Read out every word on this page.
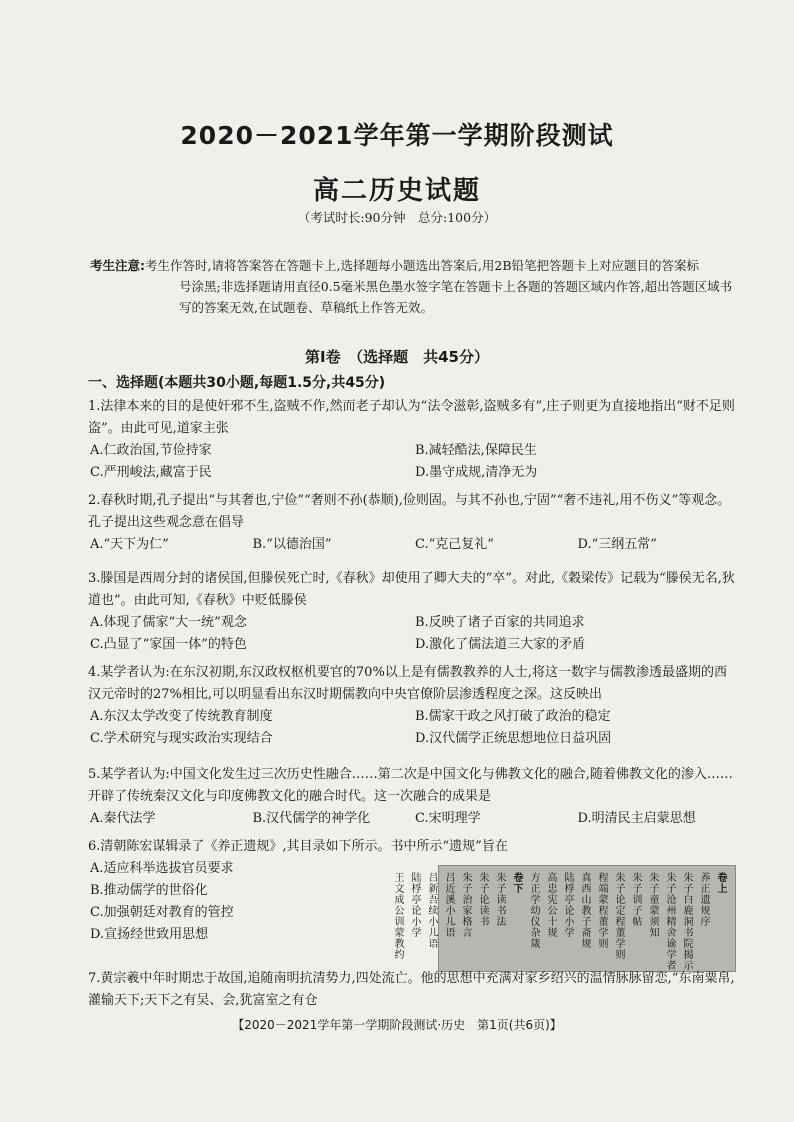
2020－2021学年第一学期阶段测试
高二历史试题
（考试时长:90分钟　总分:100分）
考生注意:考生作答时,请将答案答在答题卡上,选择题每小题选出答案后,用2B铅笔把答题卡上对应题目的答案标
号涂黑;非选择题请用直径0.5毫米黑色墨水签字笔在答题卡上各题的答题区域内作答,超出答题区域书
写的答案无效,在试题卷、草稿纸上作答无效。
第Ⅰ卷　（选择题　共45分）
一、选择题(本题共30小题,每题1.5分,共45分)
1.法律本来的目的是使奸邪不生,盗贼不作,然而老子却认为“法令滋彰,盗贼多有”,庄子则更为直接地指出“财不足则盗”。由此可见,道家主张
A.仁政治国,节俭持家	B.减轻酷法,保障民生
C.严刑峻法,藏富于民	D.墨守成规,清净无为
2.春秋时期,孔子提出“与其奢也,宁俭”“奢则不孙(恭顺),俭则固。与其不孙也,宁固”“奢不违礼,用不伤义”等观念。孔子提出这些观念意在倡导
A.“天下为仁”	B.“以德治国”	C.“克己复礼”	D.“三纲五常”
3.滕国是西周分封的诸侯国,但滕侯死亡时,《春秋》却使用了卿大夫的“卒”。对此,《穀梁传》记载为“滕侯无名,狄道也”。由此可知,《春秋》中贬低滕侯
A.体现了儒家“大一统”观念	B.反映了诸子百家的共同追求
C.凸显了“家国一体”的特色	D.激化了儒法道三大家的矛盾
4.某学者认为:在东汉初期,东汉政权枢机要官的70%以上是有儒教教养的人士,将这一数字与儒教渗透最盛期的西汉元帝时的27%相比,可以明显看出东汉时期儒教向中央官僚阶层渗透程度之深。这反映出
A.东汉太学改变了传统教育制度	B.儒家干政之风打破了政治的稳定
C.学术研究与现实政治实现结合	D.汉代儒学正统思想地位日益巩固
5.某学者认为:中国文化发生过三次历史性融合……第二次是中国文化与佛教文化的融合,随着佛教文化的渗入……开辟了传统秦汉文化与印度佛教文化的融合时代。这一次融合的成果是
A.秦代法学	B.汉代儒学的神学化	C.宋明理学	D.明清民主启蒙思想
6.清朝陈宏谋辑录了《养正遗规》,其目录如下所示。书中所示“遗规”旨在
A.适应科举选拔官员要求
B.推动儒学的世俗化
C.加强朝廷对教育的管控
D.宣扬经世致用思想
卷上
养正遗规序
朱子白鹿洞书院揭示
朱子沧州精舍谕学者
朱子童蒙须知
朱子训子帖
朱子论定程董学则
程端蒙程董学则
真西山教子斋规
陆桴亭论小学
高忠宪公十规
方正学幼仪杂箴
卷下
朱子读书法
朱子论读书
朱子治家格言
吕近溪小儿语
吕新吾续小儿语
陆桴亭论小学
王文成公训蒙教约
7.黄宗羲中年时期忠于故国,追随南明抗清势力,四处流亡。他的思想中充满对家乡绍兴的温情脉脉留恋,“东南粟帛,灌输天下;天下之有吴、会,犹富室之有仓
【2020－2021学年第一学期阶段测试·历史　第1页(共6页)】
